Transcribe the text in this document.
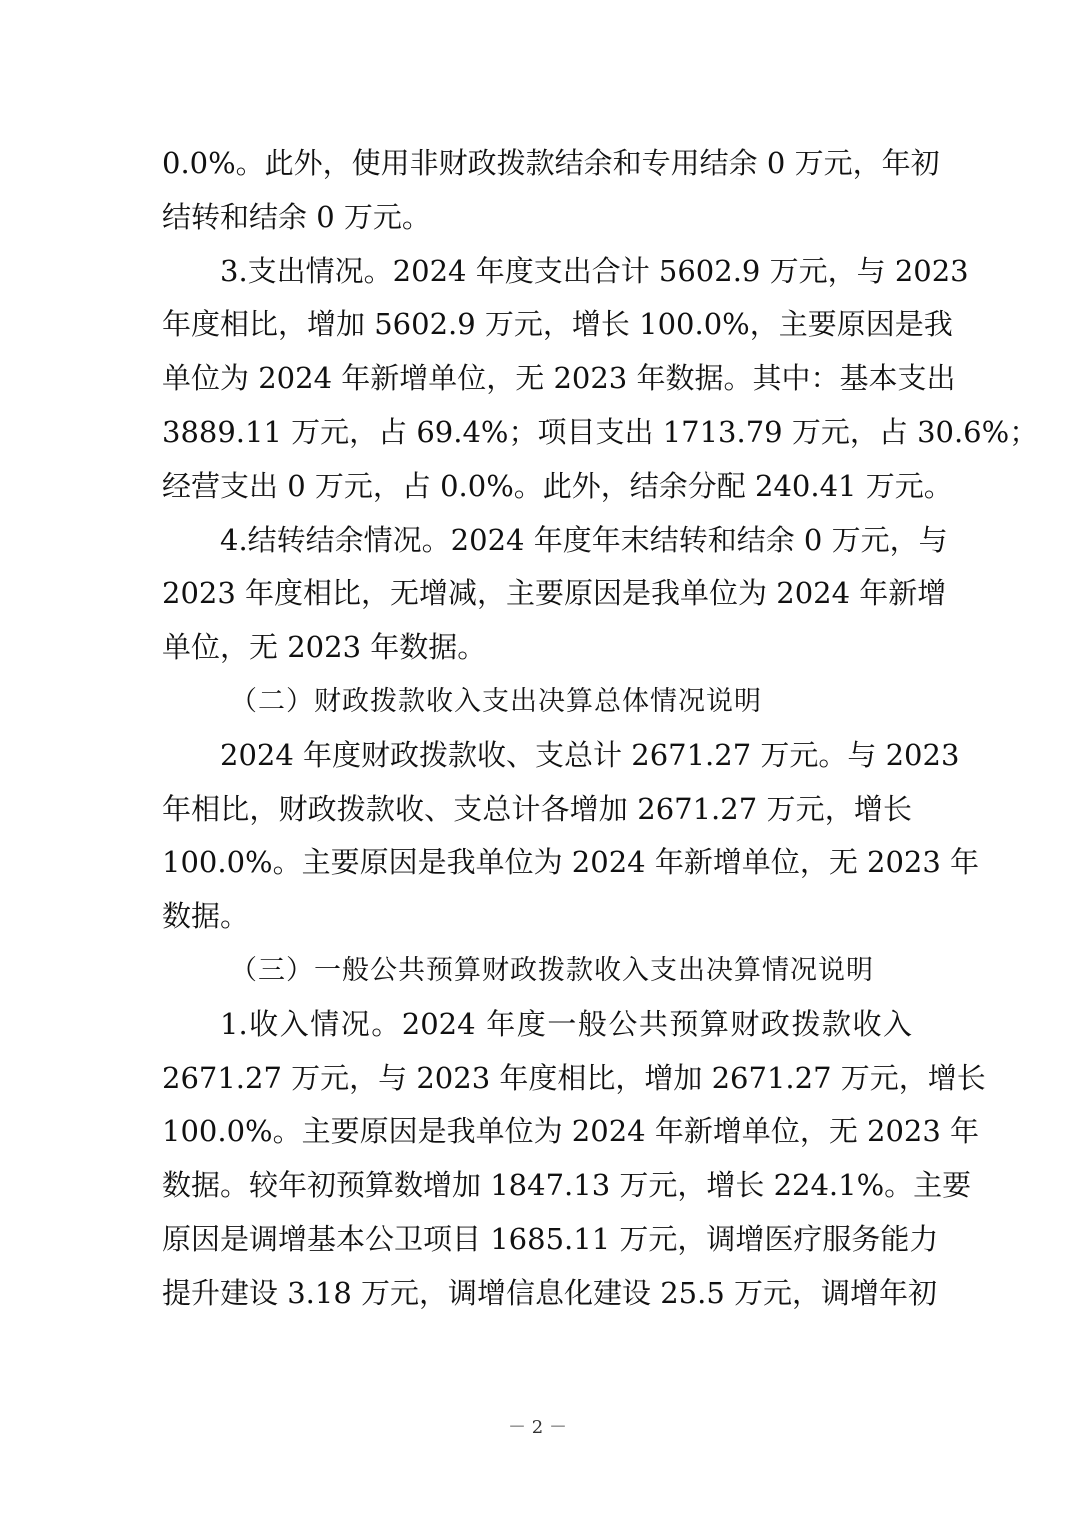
0.0%。此外，使用非财政拨款结余和专用结余 0 万元，年初
结转和结余 0 万元。
3.支出情况。2024 年度支出合计 5602.9 万元，与 2023
年度相比，增加 5602.9 万元，增长 100.0%，主要原因是我
单位为 2024 年新增单位，无 2023 年数据。其中：基本支出
3889.11 万元，占 69.4%；项目支出 1713.79 万元，占 30.6%；
经营支出 0 万元，占 0.0%。此外，结余分配 240.41 万元。
4.结转结余情况。2024 年度年末结转和结余 0 万元，与
2023 年度相比，无增减，主要原因是我单位为 2024 年新增
单位，无 2023 年数据。
（二）财政拨款收入支出决算总体情况说明
2024 年度财政拨款收、支总计 2671.27 万元。与 2023
年相比，财政拨款收、支总计各增加 2671.27 万元，增长
100.0%。主要原因是我单位为 2024 年新增单位，无 2023 年
数据。
（三）一般公共预算财政拨款收入支出决算情况说明
1.收入情况。2024 年度一般公共预算财政拨款收入
2671.27 万元，与 2023 年度相比，增加 2671.27 万元，增长
100.0%。主要原因是我单位为 2024 年新增单位，无 2023 年
数据。较年初预算数增加 1847.13 万元，增长 224.1%。主要
原因是调增基本公卫项目 1685.11 万元，调增医疗服务能力
提升建设 3.18 万元，调增信息化建设 25.5 万元，调增年初
－ 2 －
